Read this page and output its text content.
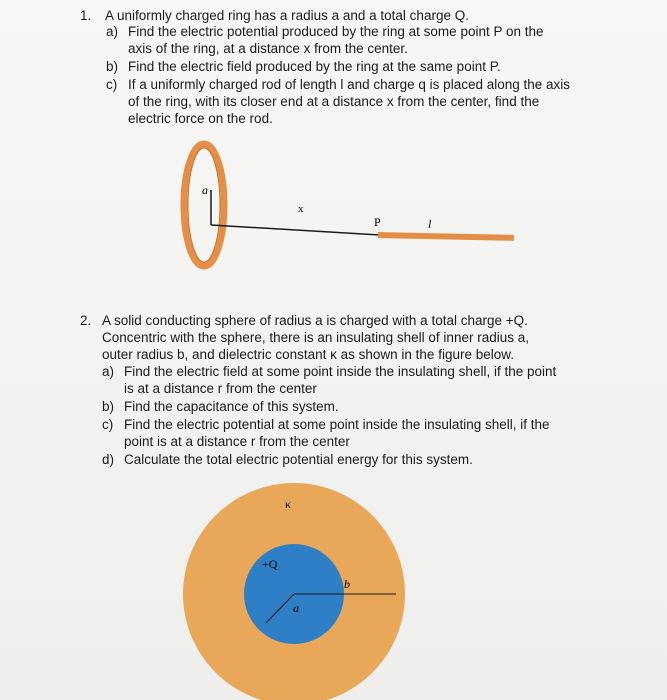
1. A uniformly charged ring has a radius a and a total charge Q.
a) Find the electric potential produced by the ring at some point P on the
axis of the ring, at a distance x from the center.
b) Find the electric field produced by the ring at the same point P.
c) If a uniformly charged rod of length l and charge q is placed along the axis
of the ring, with its closer end at a distance x from the center, find the
electric force on the rod.
a
x
P	l
2. A solid conducting sphere of radius a is charged with a total charge +Q.
Concentric with the sphere, there is an insulating shell of inner radius a,
outer radius b, and dielectric constant κ as shown in the figure below.
a) Find the electric field at some point inside the insulating shell, if the point
is at a distance r from the center
b) Find the capacitance of this system.
c) Find the electric potential at some point inside the insulating shell, if the
point is at a distance r from the center
d) Calculate the total electric potential energy for this system.
κ
+Q
a
b
